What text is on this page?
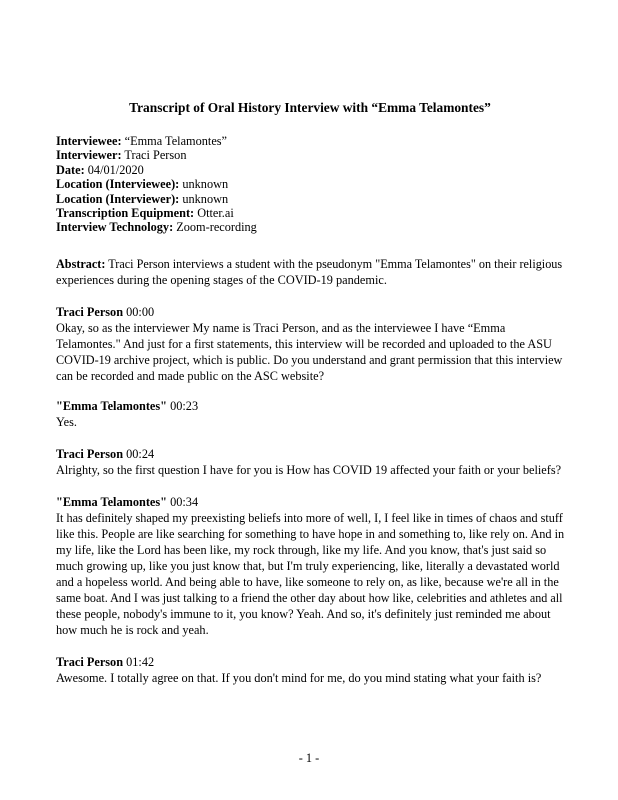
Transcript of Oral History Interview with “Emma Telamontes”
Interviewee: “Emma Telamontes”
Interviewer: Traci Person
Date: 04/01/2020
Location (Interviewee): unknown
Location (Interviewer): unknown
Transcription Equipment: Otter.ai
Interview Technology: Zoom-recording
Abstract: Traci Person interviews a student with the pseudonym "Emma Telamontes" on their religious
experiences during the opening stages of the COVID-19 pandemic.
Traci Person 00:00
Okay, so as the interviewer My name is Traci Person, and as the interviewee I have “Emma
Telamontes." And just for a first statements, this interview will be recorded and uploaded to the ASU
COVID-19 archive project, which is public. Do you understand and grant permission that this interview
can be recorded and made public on the ASC website?
"Emma Telamontes" 00:23
Yes.
Traci Person 00:24
Alrighty, so the first question I have for you is How has COVID 19 affected your faith or your beliefs?
"Emma Telamontes" 00:34
It has definitely shaped my preexisting beliefs into more of well, I, I feel like in times of chaos and stuff
like this. People are like searching for something to have hope in and something to, like rely on. And in
my life, like the Lord has been like, my rock through, like my life. And you know, that's just said so
much growing up, like you just know that, but I'm truly experiencing, like, literally a devastated world
and a hopeless world. And being able to have, like someone to rely on, as like, because we're all in the
same boat. And I was just talking to a friend the other day about how like, celebrities and athletes and all
these people, nobody's immune to it, you know? Yeah. And so, it's definitely just reminded me about
how much he is rock and yeah.
Traci Person 01:42
Awesome. I totally agree on that. If you don't mind for me, do you mind stating what your faith is?
- 1 -
